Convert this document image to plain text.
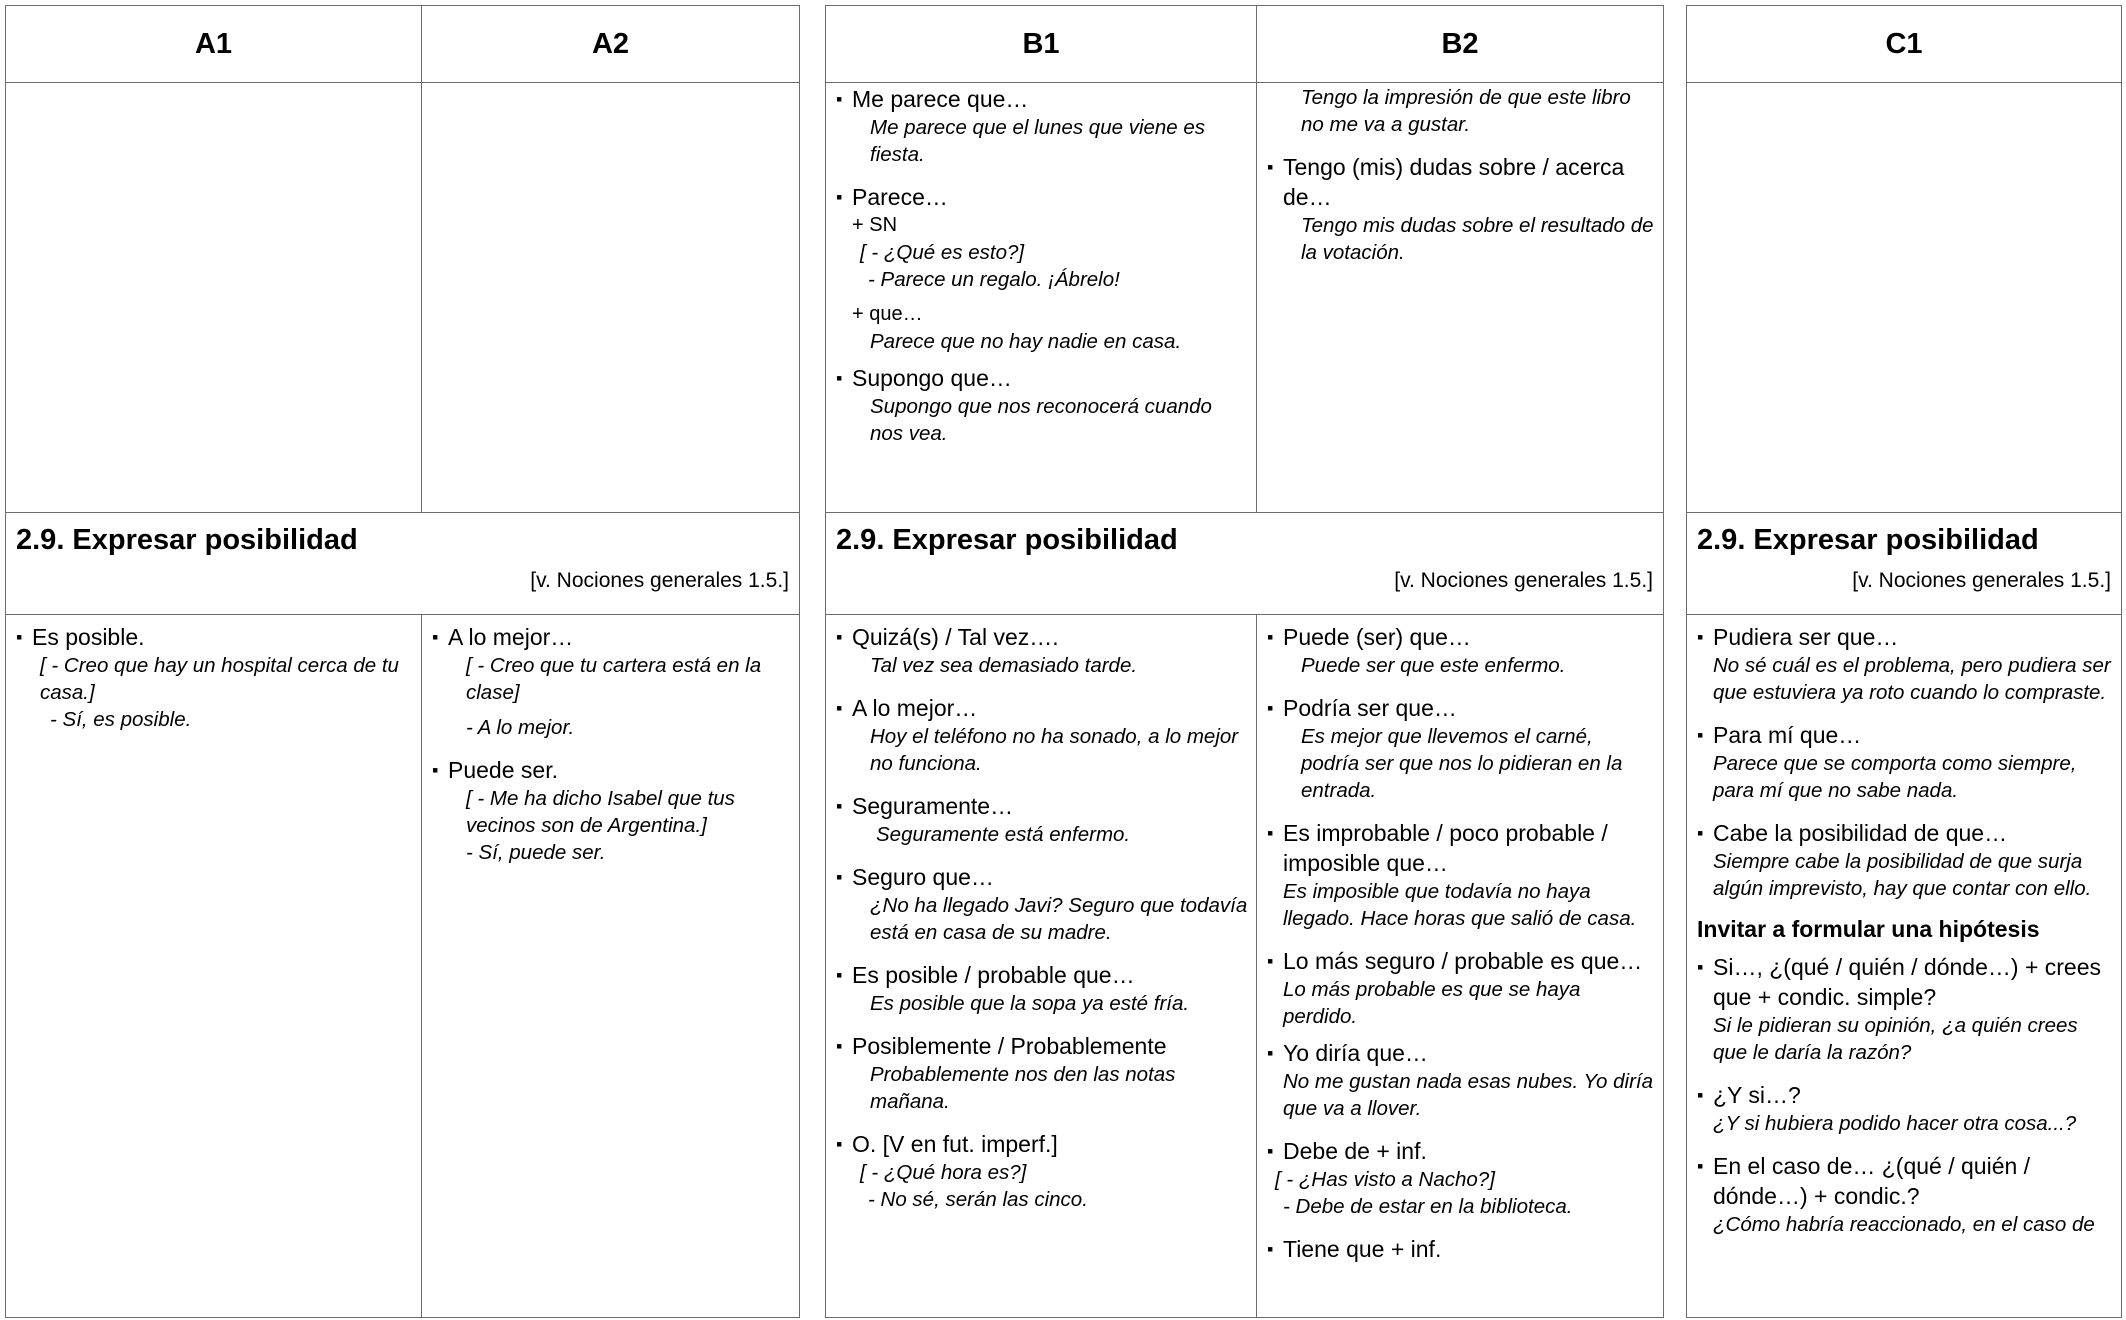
A1	A2
2.9. Expresar posibilidad
[v. Nociones generales 1.5.]
▪ Es posible.
[ - Creo que hay un hospital cerca de tu casa.]
- Sí, es posible.
▪ A lo mejor…
[ - Creo que tu cartera está en la clase]
- A lo mejor.
▪ Puede ser.
[ - Me ha dicho Isabel que tus vecinos son de Argentina.]
- Sí, puede ser.
B1	B2
▪ Me parece que…
Me parece que el lunes que viene es fiesta.
▪ Parece…
+ SN
[ - ¿Qué es esto?]
- Parece un regalo. ¡Ábrelo!
+ que…
Parece que no hay nadie en casa.
▪ Supongo que…
Supongo que nos reconocerá cuando nos vea.
Tengo la impresión de que este libro no me va a gustar.
▪ Tengo (mis) dudas sobre / acerca de…
Tengo mis dudas sobre el resultado de la votación.
2.9. Expresar posibilidad
[v. Nociones generales 1.5.]
▪ Quizá(s) / Tal vez….
Tal vez sea demasiado tarde.
▪ A lo mejor…
Hoy el teléfono no ha sonado, a lo mejor no funciona.
▪ Seguramente…
Seguramente está enfermo.
▪ Seguro que…
¿No ha llegado Javi? Seguro que todavía está en casa de su madre.
▪ Es posible / probable que…
Es posible que la sopa ya esté fría.
▪ Posiblemente / Probablemente
Probablemente nos den las notas mañana.
▪ O. [V en fut. imperf.]
[ - ¿Qué hora es?]
- No sé, serán las cinco.
▪ Puede (ser) que…
Puede ser que este enfermo.
▪ Podría ser que…
Es mejor que llevemos el carné, podría ser que nos lo pidieran en la entrada.
▪ Es improbable / poco probable / imposible que…
Es imposible que todavía no haya llegado. Hace horas que salió de casa.
▪ Lo más seguro / probable es que…
Lo más probable es que se haya perdido.
▪ Yo diría que…
No me gustan nada esas nubes. Yo diría que va a llover.
▪ Debe de + inf.
[ - ¿Has visto a Nacho?]
- Debe de estar en la biblioteca.
▪ Tiene que + inf.
C1
2.9. Expresar posibilidad
[v. Nociones generales 1.5.]
▪ Pudiera ser que…
No sé cuál es el problema, pero pudiera ser que estuviera ya roto cuando lo compraste.
▪ Para mí que…
Parece que se comporta como siempre, para mí que no sabe nada.
▪ Cabe la posibilidad de que…
Siempre cabe la posibilidad de que surja algún imprevisto, hay que contar con ello.
Invitar a formular una hipótesis
▪ Si…, ¿(qué / quién / dónde…) + crees que + condic. simple?
Si le pidieran su opinión, ¿a quién crees que le daría la razón?
▪ ¿Y si…?
¿Y si hubiera podido hacer otra cosa...?
▪ En el caso de… ¿(qué / quién / dónde…) + condic.?
¿Cómo habría reaccionado, en el caso de
